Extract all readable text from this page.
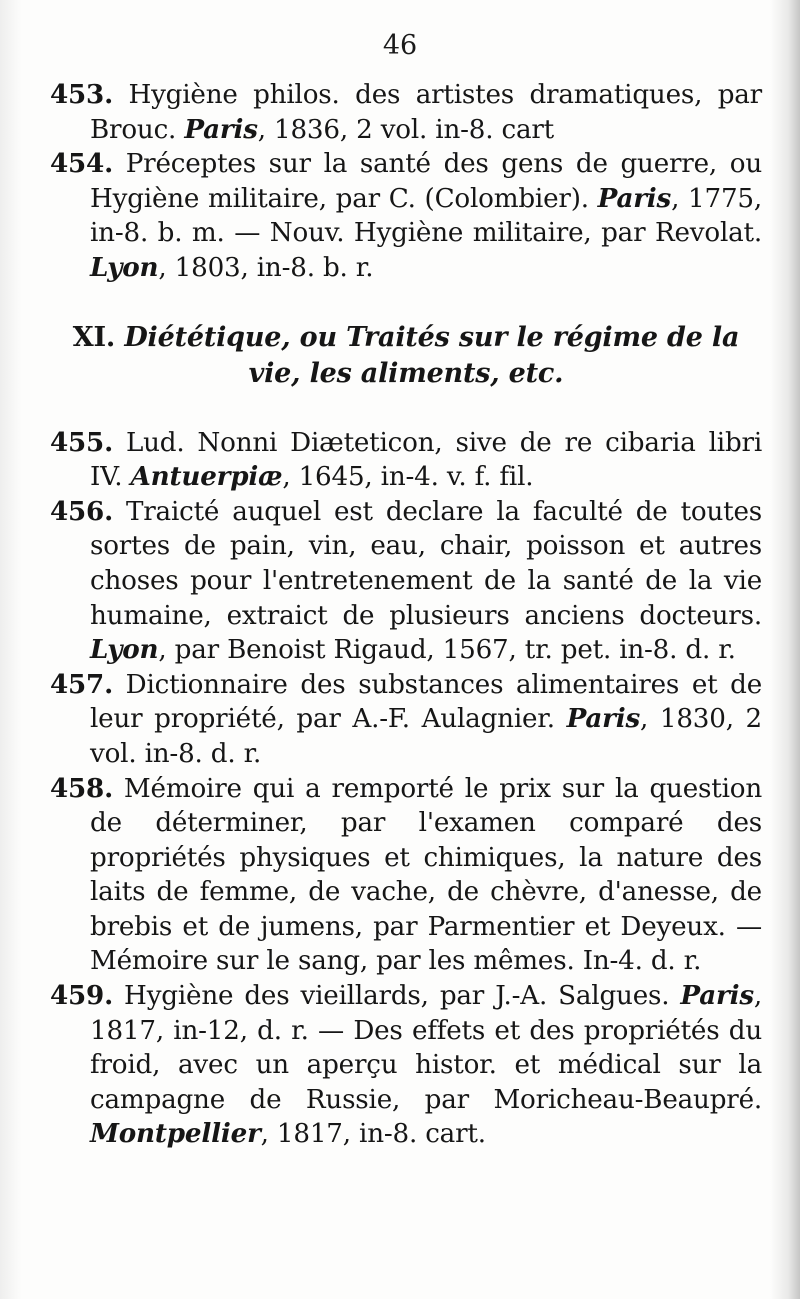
46

453. Hygiène philos. des artistes dramatiques, par Brouc. Paris, 1836, 2 vol. in-8. cart

454. Préceptes sur la santé des gens de guerre, ou Hygiène militaire, par C. (Colombier). Paris, 1775, in-8. b. m. — Nouv. Hygiène militaire, par Revolat. Lyon, 1803, in-8. b. r.

XI. Diététique, ou Traités sur le régime de la
vie, les aliments, etc.

455. Lud. Nonni Diæteticon, sive de re cibaria libri IV. Antuerpiæ, 1645, in-4. v. f. fil.

456. Traicté auquel est declare la faculté de toutes sortes de pain, vin, eau, chair, poisson et autres choses pour l'entretenement de la santé de la vie humaine, extraict de plusieurs anciens docteurs. Lyon, par Benoist Rigaud, 1567, tr. pet. in-8. d. r.

457. Dictionnaire des substances alimentaires et de leur propriété, par A.-F. Aulagnier. Paris, 1830, 2 vol. in-8. d. r.

458. Mémoire qui a remporté le prix sur la question de déterminer, par l'examen comparé des propriétés physiques et chimiques, la nature des laits de femme, de vache, de chèvre, d'anesse, de brebis et de jumens, par Parmentier et Deyeux. — Mémoire sur le sang, par les mêmes. In-4. d. r.

459. Hygiène des vieillards, par J.-A. Salgues. Paris, 1817, in-12, d. r. — Des effets et des propriétés du froid, avec un aperçu histor. et médical sur la campagne de Russie, par Moricheau-Beaupré. Montpellier, 1817, in-8. cart.
